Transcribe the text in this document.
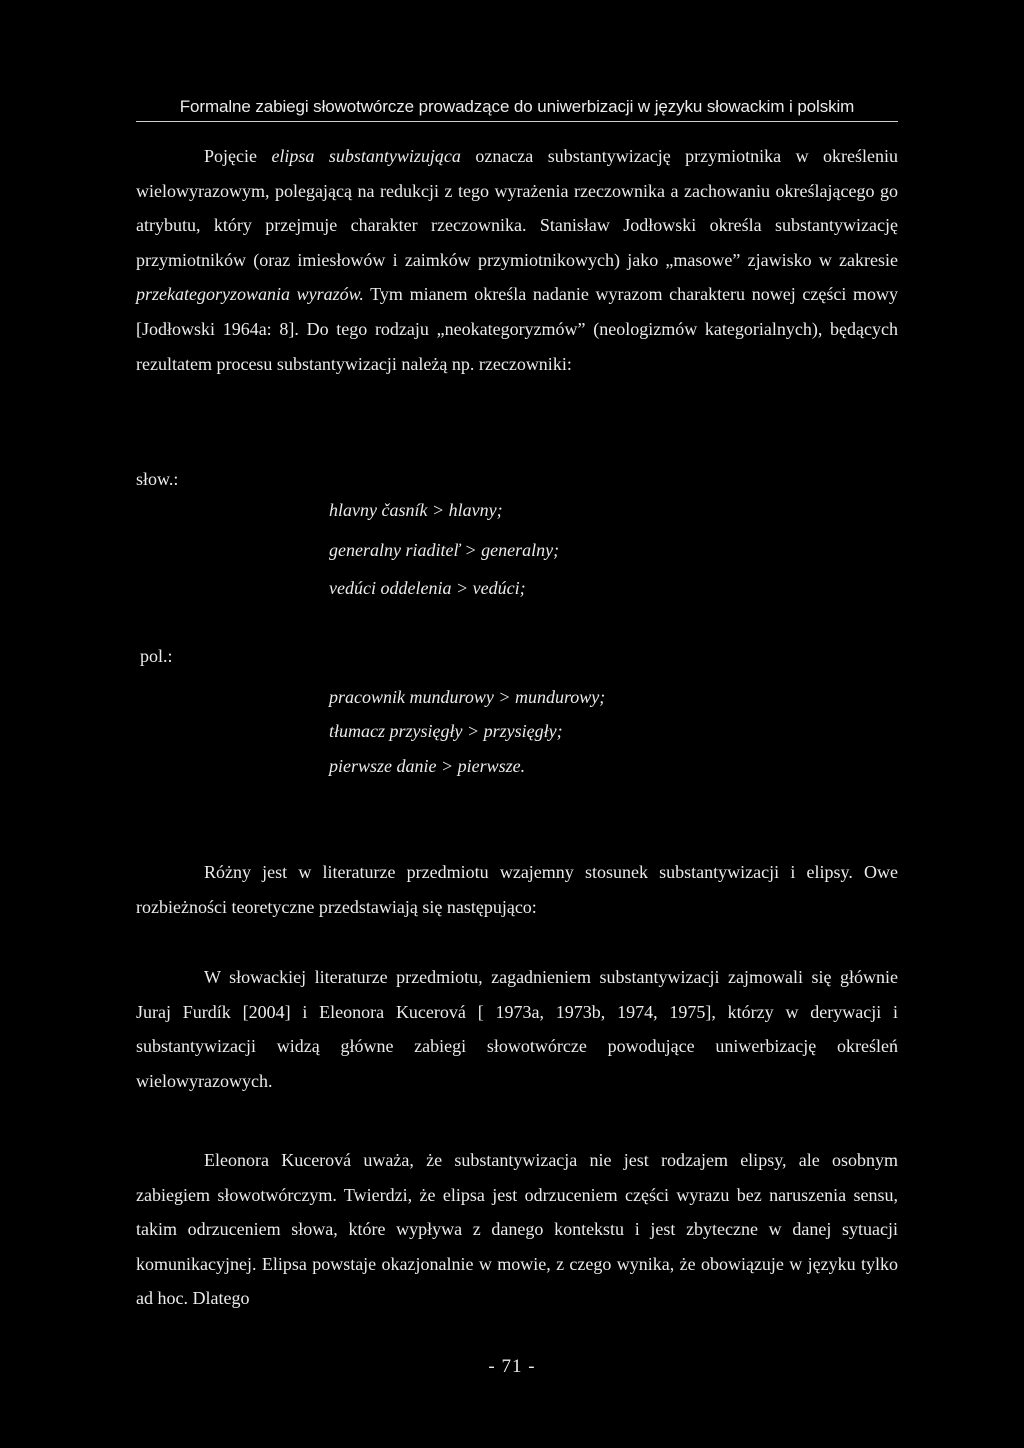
Formalne zabiegi słowotwórcze prowadzące do uniwerbizacji w języku słowackim i polskim

Pojęcie elipsa substantywizująca oznacza substantywizację przymiotnika w określeniu wielowyrazowym, polegającą na redukcji z tego wyrażenia rzeczownika a zachowaniu określającego go atrybutu, który przejmuje charakter rzeczownika. Stanisław Jodłowski określa substantywizację przymiotników (oraz imiesłowów i zaimków przymiotnikowych) jako „masowe” zjawisko w zakresie przekategoryzowania wyrazów. Tym mianem określa nadanie wyrazom charakteru nowej części mowy [Jodłowski 1964a: 8]. Do tego rodzaju „neokategoryzmów” (neologizmów kategorialnych), będących rezultatem procesu substantywizacji należą np. rzeczowniki:

słow.:
hlavny časník > hlavny;
generalny riaditeľ > generalny;
vedúci oddelenia > vedúci;
pol.:
pracownik mundurowy > mundurowy;
tłumacz przysięgły > przysięgły;
pierwsze danie > pierwsze.

Różny jest w literaturze przedmiotu wzajemny stosunek substantywizacji i elipsy. Owe rozbieżności teoretyczne przedstawiają się następująco:

W słowackiej literaturze przedmiotu, zagadnieniem substantywizacji zajmowali się głównie Juraj Furdík [2004] i Eleonora Kucerová [ 1973a, 1973b, 1974, 1975], którzy w derywacji i substantywizacji widzą główne zabiegi słowotwórcze powodujące uniwerbizację określeń wielowyrazowych.

Eleonora Kucerová uważa, że substantywizacja nie jest rodzajem elipsy, ale osobnym zabiegiem słowotwórczym. Twierdzi, że elipsa jest odrzuceniem części wyrazu bez naruszenia sensu, takim odrzuceniem słowa, które wypływa z danego kontekstu i jest zbyteczne w danej sytuacji komunikacyjnej. Elipsa powstaje okazjonalnie w mowie, z czego wynika, że obowiązuje w języku tylko ad hoc. Dlatego

- 71 -
